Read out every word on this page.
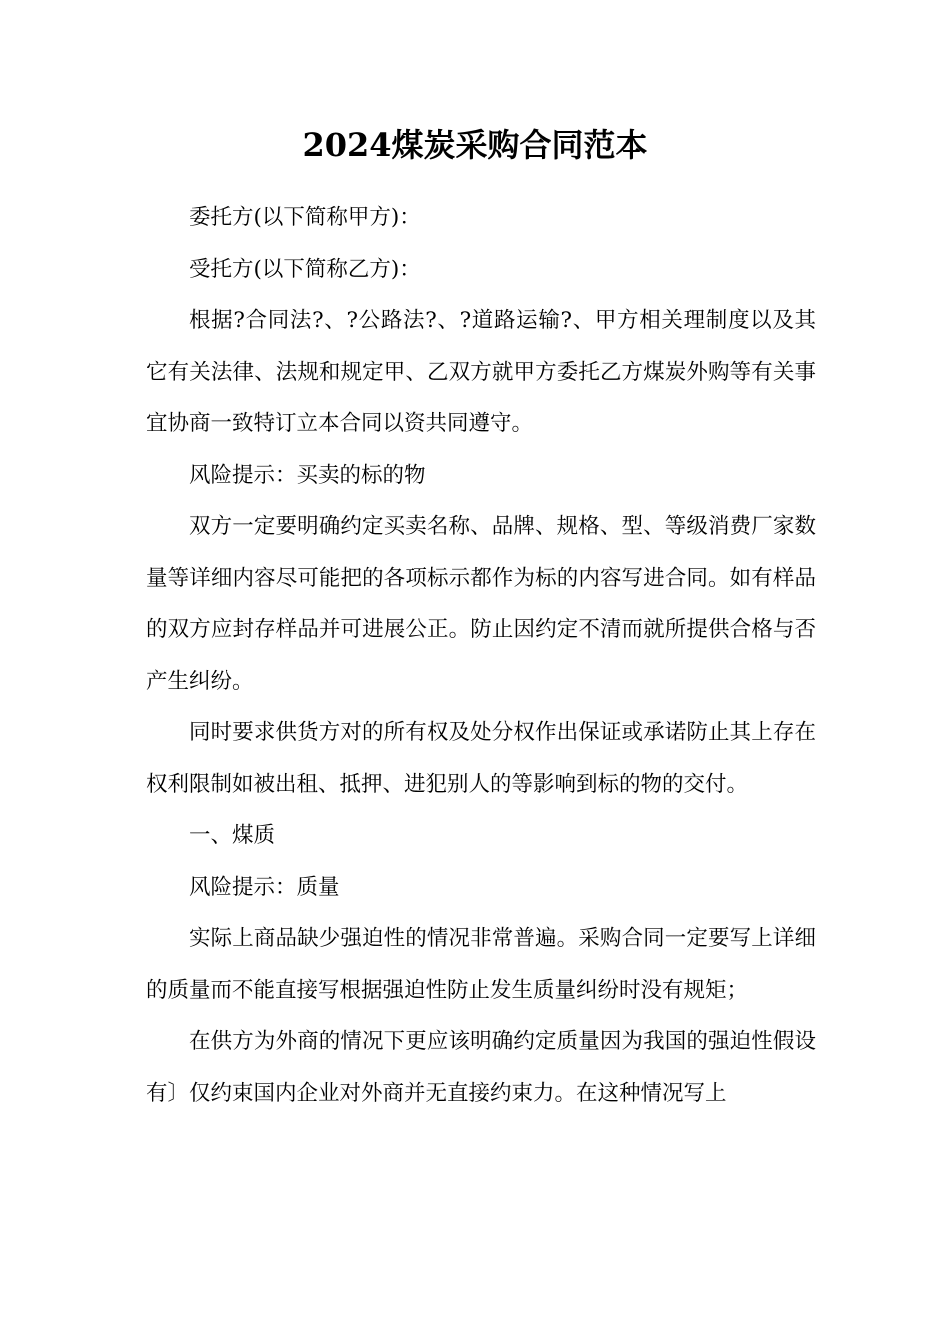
2024煤炭采购合同范本

委托方(以下简称甲方)：

受托方(以下简称乙方)：

根据?合同法?、?公路法?、?道路运输?、甲方相关理制度以及其它有关法律、法规和规定甲、乙双方就甲方委托乙方煤炭外购等有关事宜协商一致特订立本合同以资共同遵守。

风险提示：买卖的标的物

双方一定要明确约定买卖名称、品牌、规格、型、等级消费厂家数量等详细内容尽可能把的各项标示都作为标的内容写进合同。如有样品的双方应封存样品并可进展公正。防止因约定不清而就所提供合格与否产生纠纷。

同时要求供货方对的所有权及处分权作出保证或承诺防止其上存在权利限制如被出租、抵押、进犯别人的等影响到标的物的交付。

一、煤质

风险提示：质量

实际上商品缺少强迫性的情况非常普遍。采购合同一定要写上详细的质量而不能直接写根据强迫性防止发生质量纠纷时没有规矩；

在供方为外商的情况下更应该明确约定质量因为我国的强迫性假设有〕仅约束国内企业对外商并无直接约束力。在这种情况写上
